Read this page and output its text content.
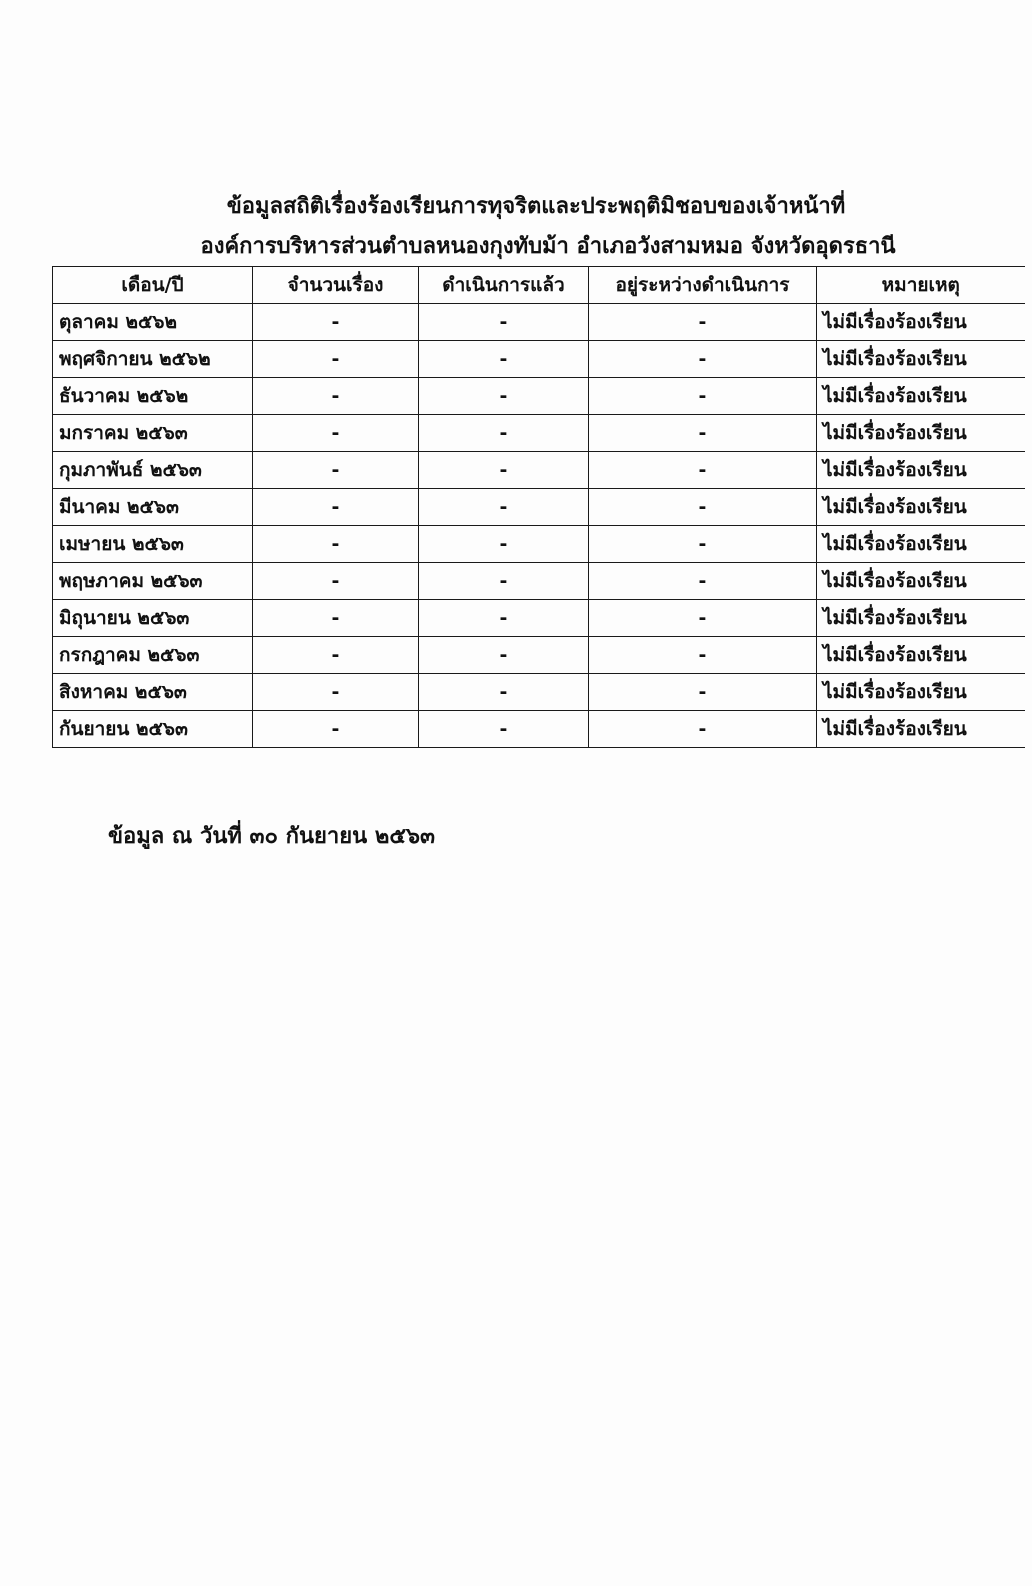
ข้อมูลสถิติเรื่องร้องเรียนการทุจริตและประพฤติมิชอบของเจ้าหน้าที่
องค์การบริหารส่วนตำบลหนองกุงทับม้า อำเภอวังสามหมอ จังหวัดอุดรธานี
เดือน/ปี	จำนวนเรื่อง	ดำเนินการแล้ว	อยู่ระหว่างดำเนินการ	หมายเหตุ
ตุลาคม ๒๕๖๒	-	-	-	ไม่มีเรื่องร้องเรียน
พฤศจิกายน ๒๕๖๒	-	-	-	ไม่มีเรื่องร้องเรียน
ธันวาคม ๒๕๖๒	-	-	-	ไม่มีเรื่องร้องเรียน
มกราคม ๒๕๖๓	-	-	-	ไม่มีเรื่องร้องเรียน
กุมภาพันธ์ ๒๕๖๓	-	-	-	ไม่มีเรื่องร้องเรียน
มีนาคม ๒๕๖๓	-	-	-	ไม่มีเรื่องร้องเรียน
เมษายน ๒๕๖๓	-	-	-	ไม่มีเรื่องร้องเรียน
พฤษภาคม ๒๕๖๓	-	-	-	ไม่มีเรื่องร้องเรียน
มิถุนายน ๒๕๖๓	-	-	-	ไม่มีเรื่องร้องเรียน
กรกฎาคม ๒๕๖๓	-	-	-	ไม่มีเรื่องร้องเรียน
สิงหาคม ๒๕๖๓	-	-	-	ไม่มีเรื่องร้องเรียน
กันยายน ๒๕๖๓	-	-	-	ไม่มีเรื่องร้องเรียน
ข้อมูล ณ วันที่ ๓๐ กันยายน ๒๕๖๓
